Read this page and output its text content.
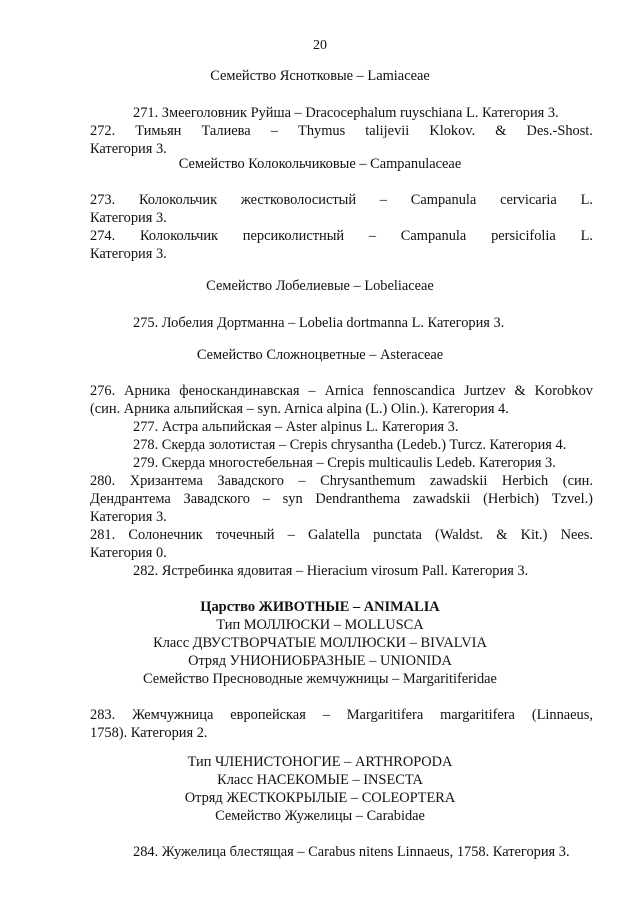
20
Семейство Яснотковые – Lamiaceae
271. Змееголовник Руйша – Dracocephalum ruyschiana L. Категория 3.
272. Тимьян Талиева – Thymus talijevii Klokov. & Des.-Shost.
Категория 3.
Семейство Колокольчиковые – Campanulaceae
273. Колокольчик жестковолосистый – Campanula cervicaria L.
Категория 3.
274. Колокольчик персиколистный – Campanula persicifolia L.
Категория 3.
Семейство Лобелиевые – Lobeliaceae
275. Лобелия Дортманна – Lobelia dortmanna L. Категория 3.
Семейство Сложноцветные – Asteraceae
276. Арника феноскандинавская – Arnica fennoscandica Jurtzev & Korobkov
(син. Арника альпийская – syn. Arnica alpina (L.) Olin.). Категория 4.
277. Астра альпийская – Aster alpinus L. Категория 3.
278. Скерда золотистая – Crepis chrysantha (Ledeb.) Turcz. Категория 4.
279. Скерда многостебельная – Crepis multicaulis Ledeb. Категория 3.
280. Хризантема Завадского – Chrysanthemum zawadskii Herbich (син.
Дендрантема Завадского – syn Dendranthema zawadskii (Herbich) Tzvel.)
Категория 3.
281. Солонечник точечный – Galatella punctata (Waldst. & Kit.) Nees.
Категория 0.
282. Ястребинка ядовитая – Hieracium virosum Pall. Категория 3.
Царство ЖИВОТНЫЕ – ANIMALIA
Тип МОЛЛЮСКИ – MOLLUSCA
Класс ДВУСТВОРЧАТЫЕ МОЛЛЮСКИ – BIVALVIA
Отряд УНИОНИОБРАЗНЫЕ – UNIONIDA
Семейство Пресноводные жемчужницы – Margaritiferidae
283. Жемчужница европейская – Margaritifera margaritifera (Linnaeus,
1758). Категория 2.
Тип ЧЛЕНИСТОНОГИЕ – ARTHROPODA
Класс НАСЕКОМЫЕ – INSECTA
Отряд ЖЕСТКОКРЫЛЫЕ – COLEOPTERA
Семейство Жужелицы – Carabidae
284. Жужелица блестящая – Carabus nitens Linnaeus, 1758. Категория 3.
